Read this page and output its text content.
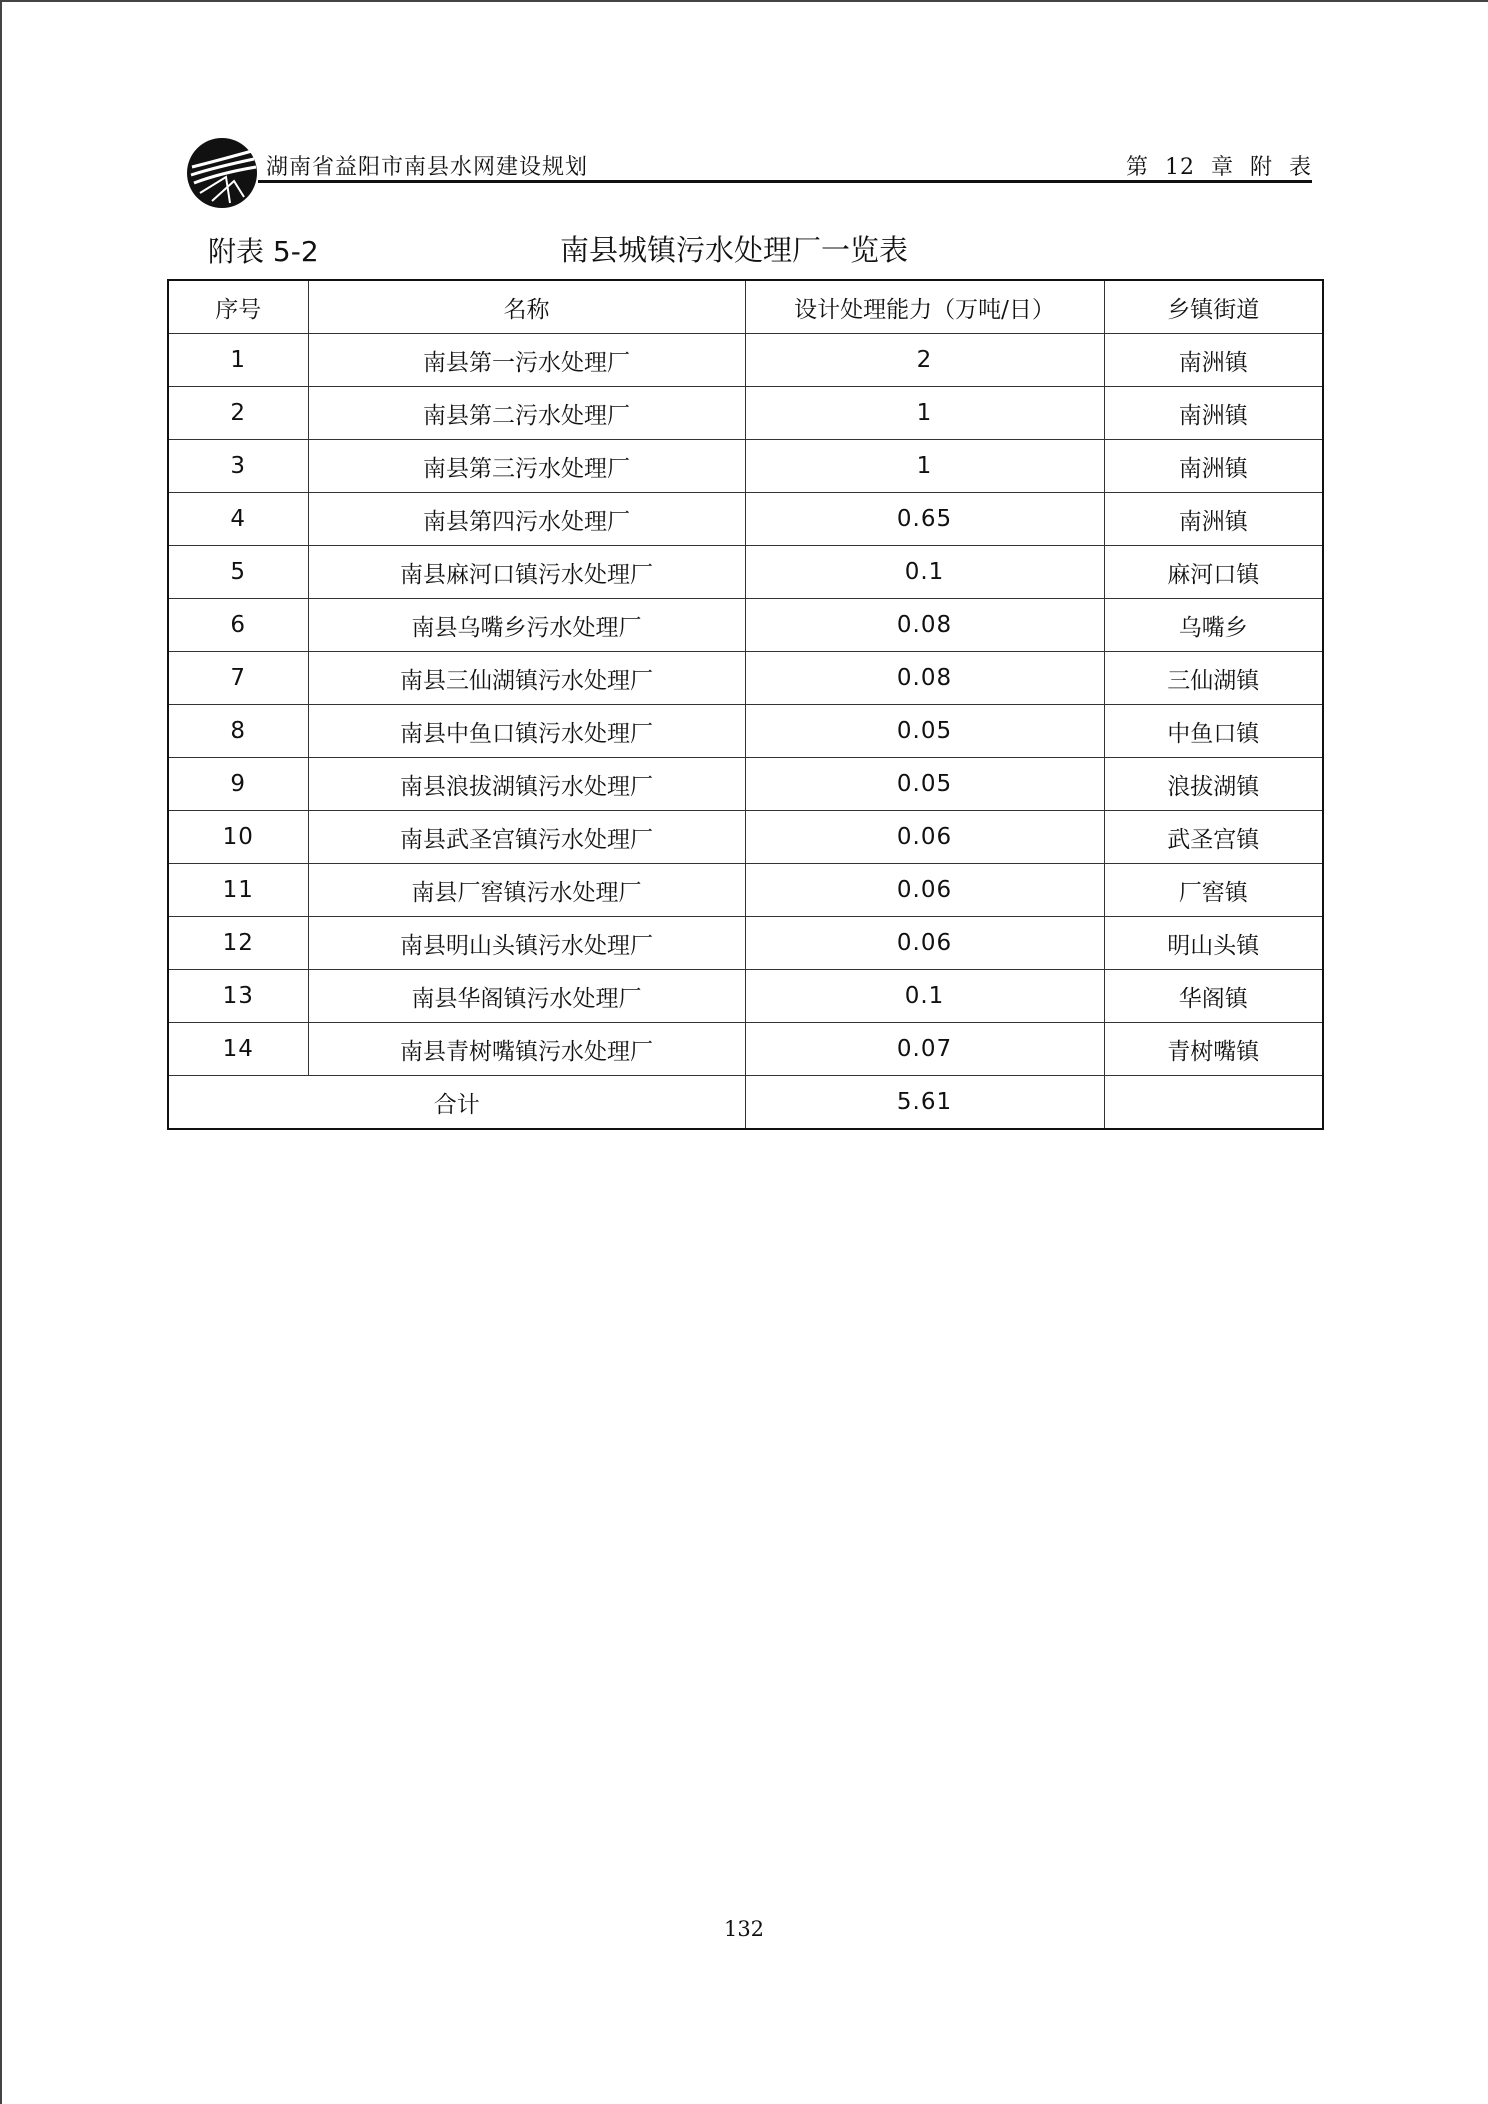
湖南省益阳市南县水网建设规划	第 12 章 附 表
附表 5-2	南县城镇污水处理厂一览表
序号	名称	设计处理能力（万吨/日）	乡镇街道
1	南县第一污水处理厂	2	南洲镇
2	南县第二污水处理厂	1	南洲镇
3	南县第三污水处理厂	1	南洲镇
4	南县第四污水处理厂	0.65	南洲镇
5	南县麻河口镇污水处理厂	0.1	麻河口镇
6	南县乌嘴乡污水处理厂	0.08	乌嘴乡
7	南县三仙湖镇污水处理厂	0.08	三仙湖镇
8	南县中鱼口镇污水处理厂	0.05	中鱼口镇
9	南县浪拔湖镇污水处理厂	0.05	浪拔湖镇
10	南县武圣宫镇污水处理厂	0.06	武圣宫镇
11	南县厂窖镇污水处理厂	0.06	厂窖镇
12	南县明山头镇污水处理厂	0.06	明山头镇
13	南县华阁镇污水处理厂	0.1	华阁镇
14	南县青树嘴镇污水处理厂	0.07	青树嘴镇
合计		5.61	
132
